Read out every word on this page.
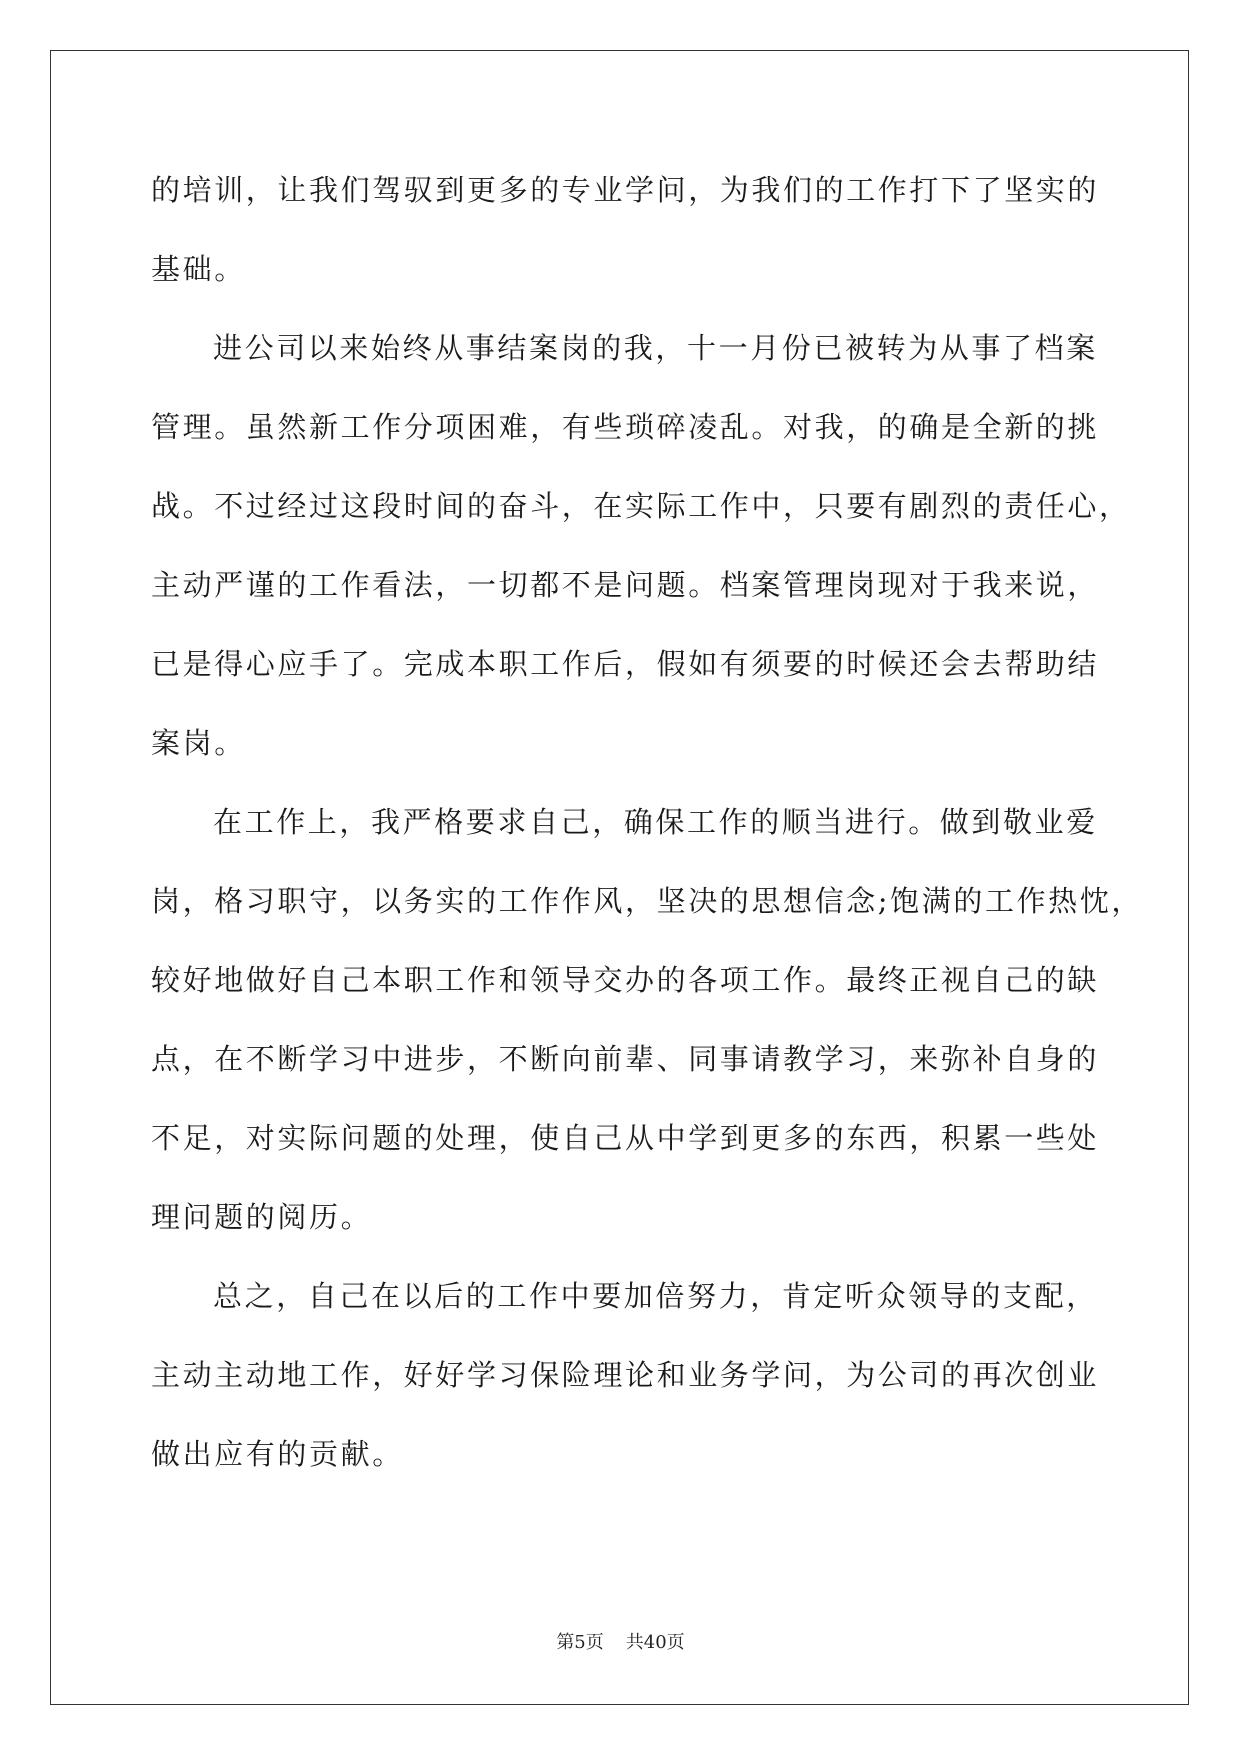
的培训，让我们驾驭到更多的专业学问，为我们的工作打下了坚实的
基础。
进公司以来始终从事结案岗的我，十一月份已被转为从事了档案
管理。虽然新工作分项困难，有些琐碎凌乱。对我，的确是全新的挑
战。不过经过这段时间的奋斗，在实际工作中，只要有剧烈的责任心，
主动严谨的工作看法，一切都不是问题。档案管理岗现对于我来说，
已是得心应手了。完成本职工作后，假如有须要的时候还会去帮助结
案岗。
在工作上，我严格要求自己，确保工作的顺当进行。做到敬业爱
岗，格习职守，以务实的工作作风，坚决的思想信念;饱满的工作热忱，
较好地做好自己本职工作和领导交办的各项工作。最终正视自己的缺
点，在不断学习中进步，不断向前辈、同事请教学习，来弥补自身的
不足，对实际问题的处理，使自己从中学到更多的东西，积累一些处
理问题的阅历。
总之，自己在以后的工作中要加倍努力，肯定听众领导的支配，
主动主动地工作，好好学习保险理论和业务学问，为公司的再次创业
做出应有的贡献。
第5页 共40页
